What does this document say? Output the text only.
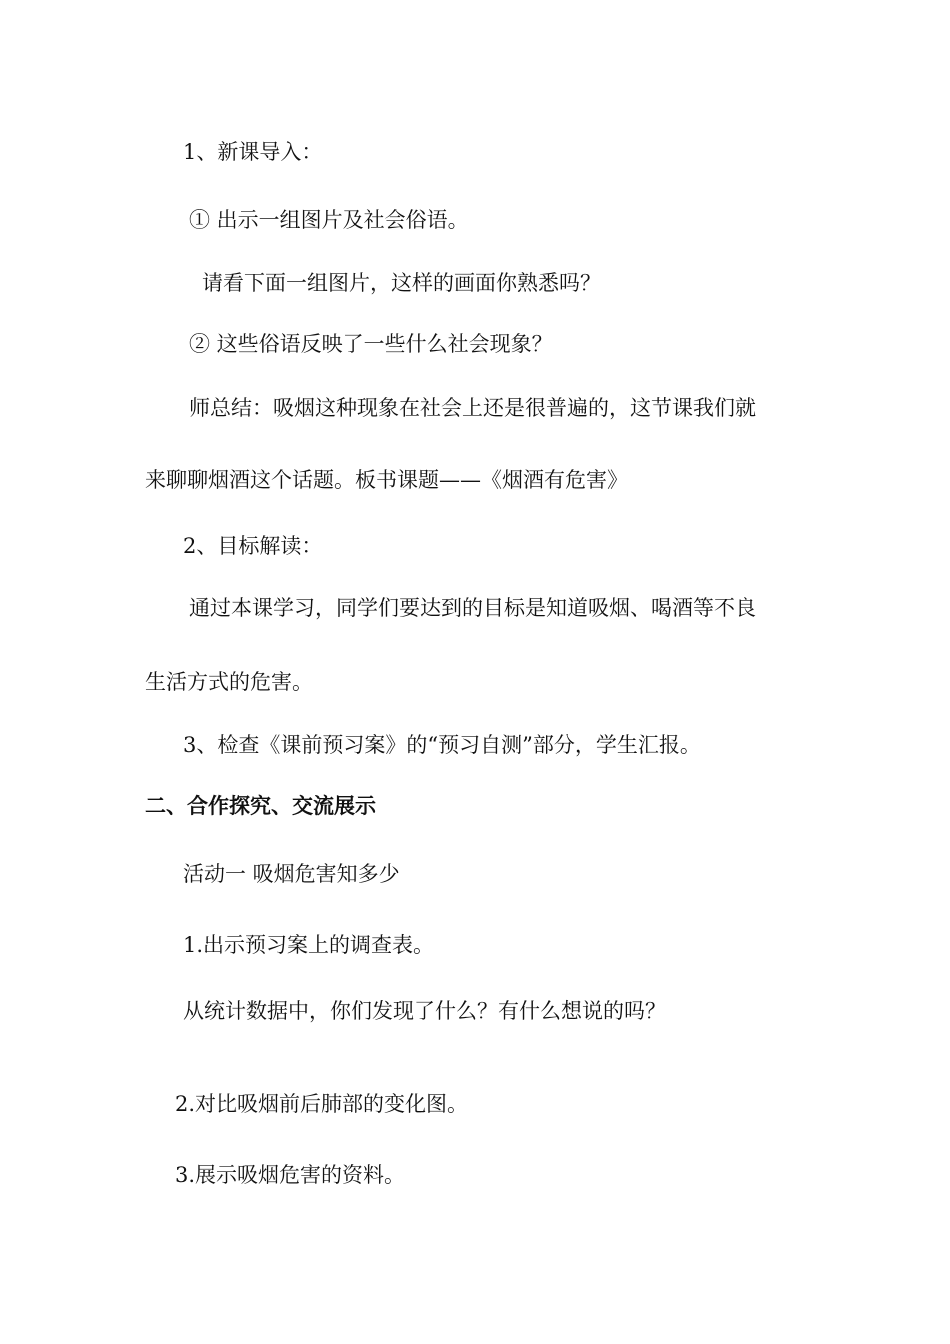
1、新课导入：
① 出示一组图片及社会俗语。
请看下面一组图片，这样的画面你熟悉吗？
② 这些俗语反映了一些什么社会现象？
师总结：吸烟这种现象在社会上还是很普遍的，这节课我们就
来聊聊烟酒这个话题。板书课题——《烟酒有危害》
2、目标解读：
通过本课学习，同学们要达到的目标是知道吸烟、喝酒等不良
生活方式的危害。
3、检查《课前预习案》的“预习自测”部分，学生汇报。
二、合作探究、交流展示
活动一 吸烟危害知多少
1.出示预习案上的调查表。
从统计数据中，你们发现了什么？有什么想说的吗？
2.对比吸烟前后肺部的变化图。
3.展示吸烟危害的资料。
